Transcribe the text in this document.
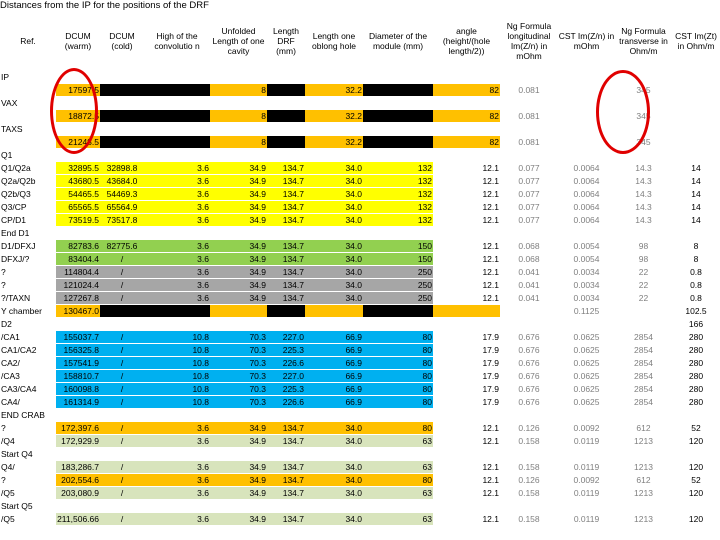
Distances from the IP for the positions of the DRF
Ref.	DCUM (warm)	DCUM (cold)	High of the convolutio n	Unfolded Length of one cavity	Length DRF (mm)	Length one oblong hole	Diameter of the module (mm)	angle (height/(hole length/2))	Ng Formula longitudinal Im(Z/n) in mOhm	CST Im(Z/n) in mOhm	Ng Formula transverse in Ohm/m	CST Im(Zt) in Ohm/m
IP												
	17597.5			8		32.2		82	0.081		345	
VAX												
	18872.5			8		32.2		82	0.081		345	
TAXS												
	21248.5			8		32.2		82	0.081		345	
Q1												
Q1/Q2a	32895.5	32898.8	3.6	34.9	134.7	34.0	132	12.1	0.077	0.0064	14.3	14
Q2a/Q2b	43680.5	43684.0	3.6	34.9	134.7	34.0	132	12.1	0.077	0.0064	14.3	14
Q2b/Q3	54465.5	54469.3	3.6	34.9	134.7	34.0	132	12.1	0.077	0.0064	14.3	14
Q3/CP	65565.5	65564.9	3.6	34.9	134.7	34.0	132	12.1	0.077	0.0064	14.3	14
CP/D1	73519.5	73517.8	3.6	34.9	134.7	34.0	132	12.1	0.077	0.0064	14.3	14
End D1												
D1/DFXJ	82783.6	82775.6	3.6	34.9	134.7	34.0	150	12.1	0.068	0.0054	98	8
DFXJ/?	83404.4	/	3.6	34.9	134.7	34.0	150	12.1	0.068	0.0054	98	8
?	114804.4	/	3.6	34.9	134.7	34.0	250	12.1	0.041	0.0034	22	0.8
?	121024.4	/	3.6	34.9	134.7	34.0	250	12.1	0.041	0.0034	22	0.8
?/TAXN	127267.8	/	3.6	34.9	134.7	34.0	250	12.1	0.041	0.0034	22	0.8
Y chamber	130467.0									0.1125		102.5
D2												166
/CA1	155037.7	/	10.8	70.3	227.0	66.9	80	17.9	0.676	0.0625	2854	280
CA1/CA2	156325.8	/	10.8	70.3	225.3	66.9	80	17.9	0.676	0.0625	2854	280
CA2/	157541.9	/	10.8	70.3	226.6	66.9	80	17.9	0.676	0.0625	2854	280
/CA3	158810.7	/	10.8	70.3	227.0	66.9	80	17.9	0.676	0.0625	2854	280
CA3/CA4	160098.8	/	10.8	70.3	225.3	66.9	80	17.9	0.676	0.0625	2854	280
CA4/	161314.9	/	10.8	70.3	226.6	66.9	80	17.9	0.676	0.0625	2854	280
END CRAB												
?	172,397.6	/	3.6	34.9	134.7	34.0	80	12.1	0.126	0.0092	612	52
/Q4	172,929.9	/	3.6	34.9	134.7	34.0	63	12.1	0.158	0.0119	1213	120
Start Q4												
Q4/	183,286.7	/	3.6	34.9	134.7	34.0	63	12.1	0.158	0.0119	1213	120
?	202,554.6	/	3.6	34.9	134.7	34.0	80	12.1	0.126	0.0092	612	52
/Q5	203,080.9	/	3.6	34.9	134.7	34.0	63	12.1	0.158	0.0119	1213	120
Start Q5												
/Q5	211,506.66	/	3.6	34.9	134.7	34.0	63	12.1	0.158	0.0119	1213	120
